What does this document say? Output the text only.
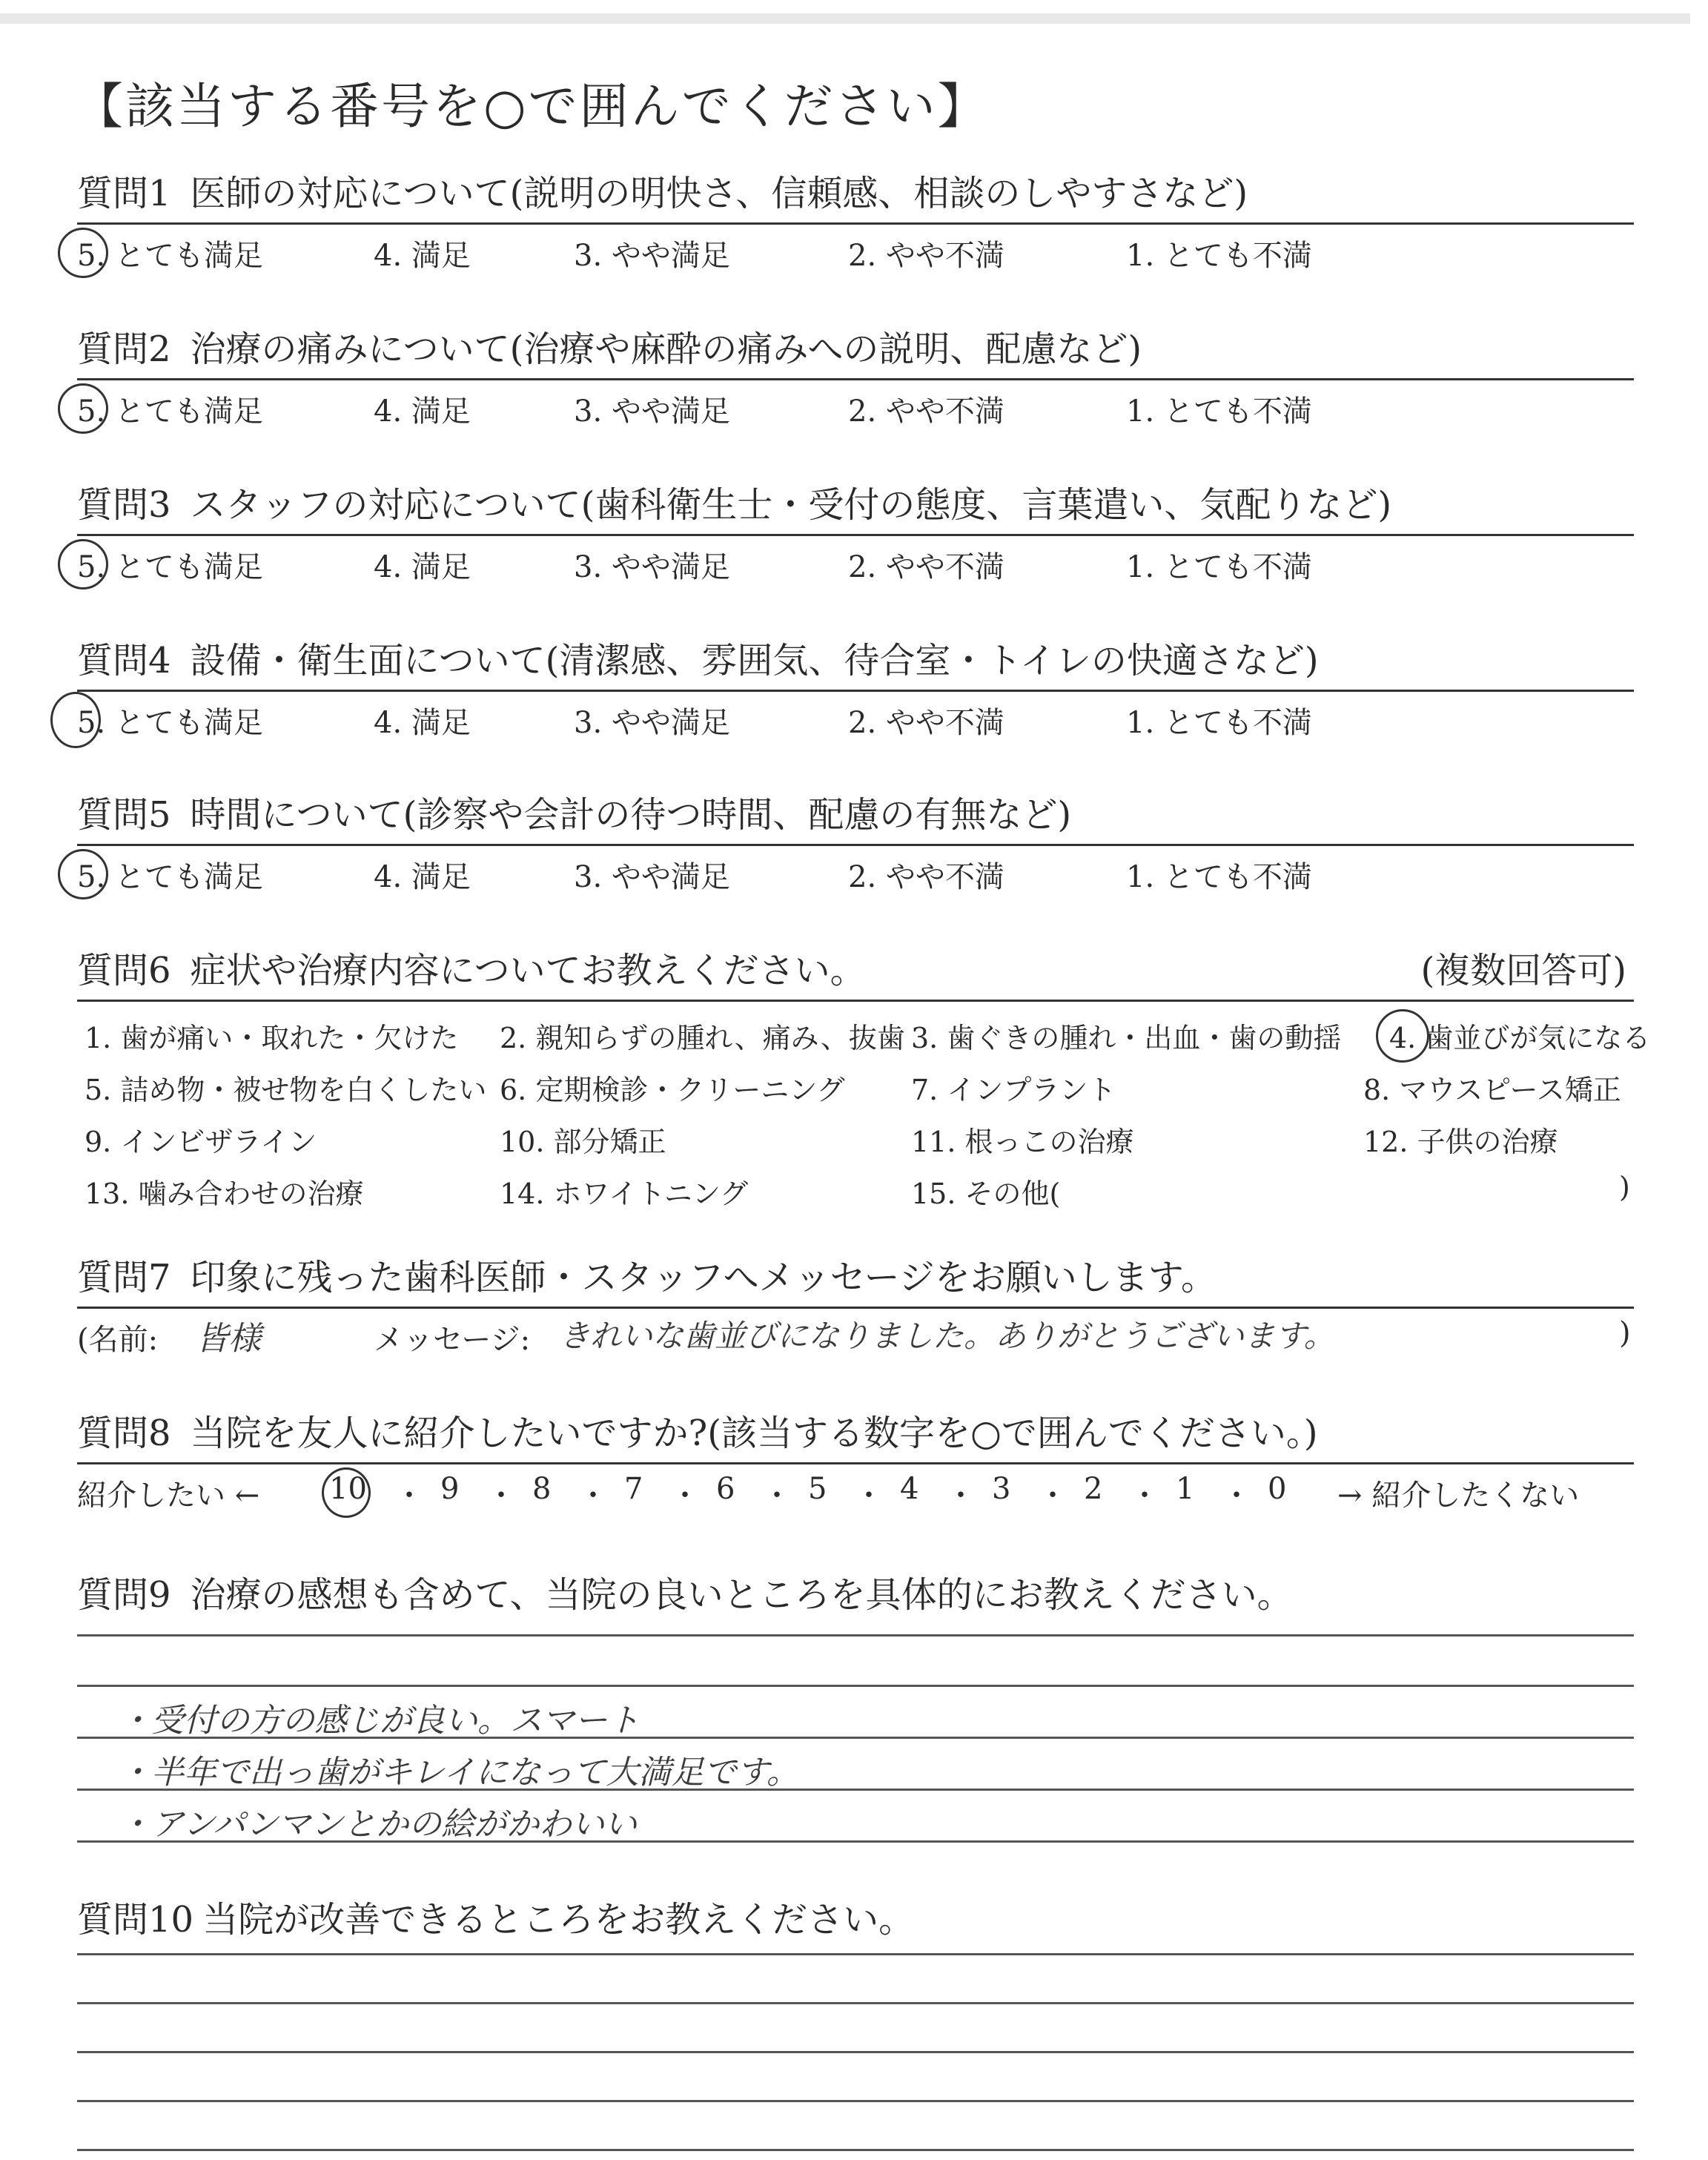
【該当する番号を○で囲んでください】
質問1 医師の対応について(説明の明快さ、信頼感、相談のしやすさなど)
5. とても満足	4. 満足	3. やや満足	2. やや不満	1. とても不満
質問2 治療の痛みについて(治療や麻酔の痛みへの説明、配慮など)
5. とても満足	4. 満足	3. やや満足	2. やや不満	1. とても不満
質問3 スタッフの対応について(歯科衛生士・受付の態度、言葉遣い、気配りなど)
5. とても満足	4. 満足	3. やや満足	2. やや不満	1. とても不満
質問4 設備・衛生面について(清潔感、雰囲気、待合室・トイレの快適さなど)
5. とても満足	4. 満足	3. やや満足	2. やや不満	1. とても不満
質問5 時間について(診察や会計の待つ時間、配慮の有無など)
5. とても満足	4. 満足	3. やや満足	2. やや不満	1. とても不満
質問6 症状や治療内容についてお教えください。	(複数回答可)
1. 歯が痛い・取れた・欠けた 2. 親知らずの腫れ、痛み、抜歯 3. 歯ぐきの腫れ・出血・歯の動揺 4. 歯並びが気になる
5. 詰め物・被せ物を白くしたい 6. 定期検診・クリーニング 7. インプラント	8. マウスピース矯正
9. インビザライン	10. 部分矯正	11. 根っこの治療	12. 子供の治療
13. 噛み合わせの治療	14. ホワイトニング	15. その他(	)
質問7 印象に残った歯科医師・スタッフへメッセージをお願いします。
(名前: 皆様	メッセージ: きれいな歯並びになりました。ありがとうございます。	)
質問8 当院を友人に紹介したいですか?(該当する数字を○で囲んでください。)
紹介したい ← 10 ・ 9 ・ 8 ・ 7 ・ 6 ・ 5 ・ 4 ・ 3 ・ 2 ・ 1 ・ 0 → 紹介したくない
質問9 治療の感想も含めて、当院の良いところを具体的にお教えください。
・受付の方の感じが良い。スマート
・半年で出っ歯がキレイになって大満足です。
・アンパンマンとかの絵がかわいい
質問10 当院が改善できるところをお教えください。
